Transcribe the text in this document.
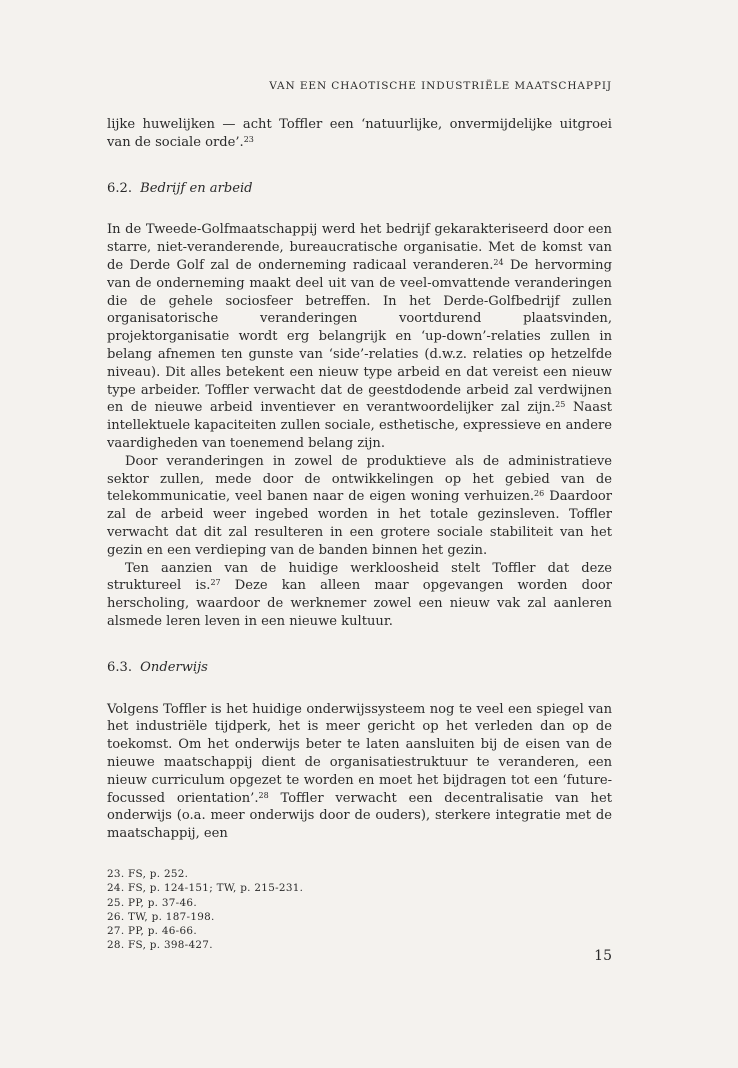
VAN EEN CHAOTISCHE INDUSTRIËLE MAATSCHAPPIJ

lijke huwelijken — acht Toffler een ‘natuurlijke, onvermijdelijke uitgroei van de sociale orde’.$^{23}$

6.2. Bedrijf en arbeid

In de Tweede-Golfmaatschappij werd het bedrijf gekarakteriseerd door een starre, niet-veranderende, bureaucratische organisatie. Met de komst van de Derde Golf zal de onderneming radicaal veranderen.$^{24}$ De hervorming van de onderneming maakt deel uit van de veel-omvattende veranderingen die de gehele sociosfeer betreffen. In het Derde-Golfbedrijf zullen organisatorische veranderingen voortdurend plaatsvinden, projektorganisatie wordt erg belangrijk en ‘up-down’-relaties zullen in belang afnemen ten gunste van ‘side’-relaties (d.w.z. relaties op hetzelfde niveau). Dit alles betekent een nieuw type arbeid en dat vereist een nieuw type arbeider. Toffler verwacht dat de geestdodende arbeid zal verdwijnen en de nieuwe arbeid inventiever en verantwoordelijker zal zijn.$^{25}$ Naast intellektuele kapaciteiten zullen sociale, esthetische, expressieve en andere vaardigheden van toenemend belang zijn.

Door veranderingen in zowel de produktieve als de administratieve sektor zullen, mede door de ontwikkelingen op het gebied van de telekommunicatie, veel banen naar de eigen woning verhuizen.$^{26}$ Daardoor zal de arbeid weer ingebed worden in het totale gezinsleven. Toffler verwacht dat dit zal resulteren in een grotere sociale stabiliteit van het gezin en een verdieping van de banden binnen het gezin.

Ten aanzien van de huidige werkloosheid stelt Toffler dat deze struktureel is.$^{27}$ Deze kan alleen maar opgevangen worden door herscholing, waardoor de werknemer zowel een nieuw vak zal aanleren alsmede leren leven in een nieuwe kultuur.

6.3. Onderwijs

Volgens Toffler is het huidige onderwijssysteem nog te veel een spiegel van het industriële tijdperk, het is meer gericht op het verleden dan op de toekomst. Om het onderwijs beter te laten aansluiten bij de eisen van de nieuwe maatschappij dient de organisatiestruktuur te veranderen, een nieuw curriculum opgezet te worden en moet het bijdragen tot een ‘future-focussed orientation’.$^{28}$ Toffler verwacht een decentralisatie van het onderwijs (o.a. meer onderwijs door de ouders), sterkere integratie met de maatschappij, een

23. FS, p. 252.
24. FS, p. 124-151; TW, p. 215-231.
25. PP, p. 37-46.
26. TW, p. 187-198.
27. PP, p. 46-66.
28. FS, p. 398-427.
15
